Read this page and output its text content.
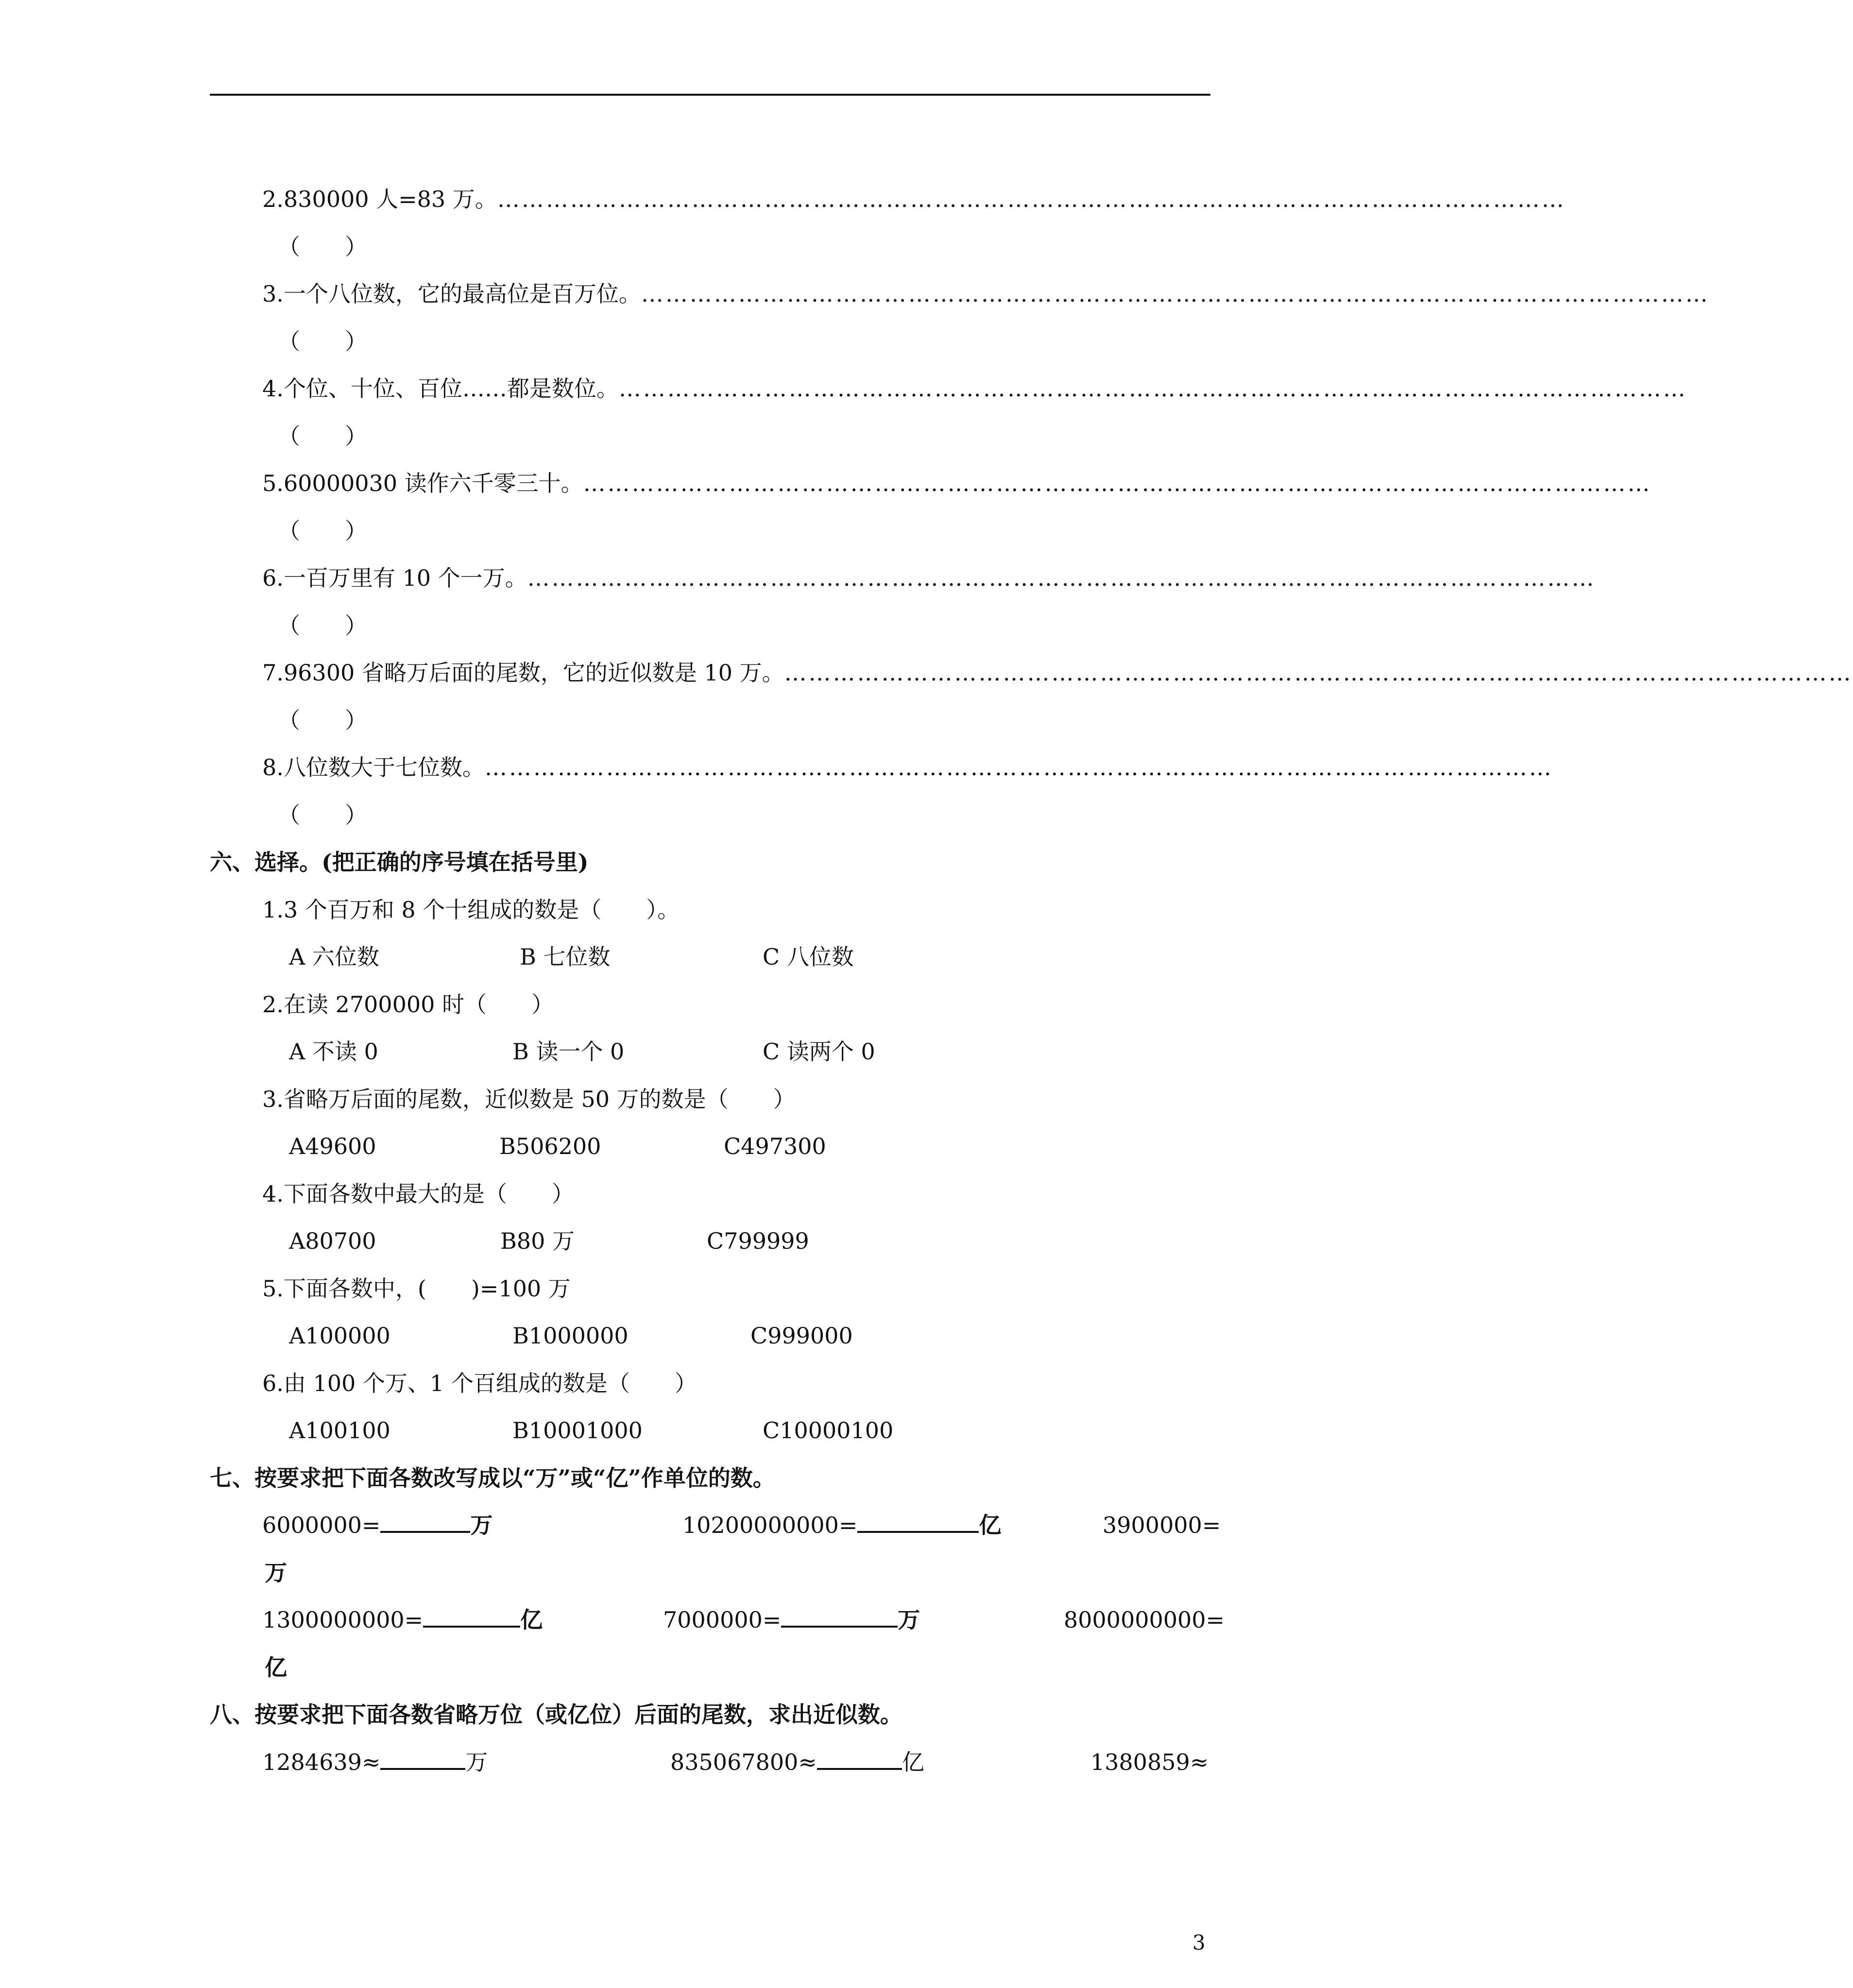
2.830000 人=83 万。……………………………………………………………………………………………………………………
（　　）
3.一个八位数，它的最高位是百万位。……………………………………………………………………………………………………………………
（　　）
4.个位、十位、百位……都是数位。……………………………………………………………………………………………………………………
（　　）
5.60000030 读作六千零三十。……………………………………………………………………………………………………………………
（　　）
6.一百万里有 10 个一万。……………………………………………………………………………………………………………………
（　　）
7.96300 省略万后面的尾数，它的近似数是 10 万。……………………………………………………………………………………………………………………
（　　）
8.八位数大于七位数。……………………………………………………………………………………………………………………
（　　）
六、选择。(把正确的序号填在括号里)
1.3 个百万和 8 个十组成的数是（　　）。
A 六位数	B 七位数	C 八位数
2.在读 2700000 时（　　）
A 不读 0	B 读一个 0	C 读两个 0
3.省略万后面的尾数，近似数是 50 万的数是（　　）
A49600	B506200	C497300
4.下面各数中最大的是（　　）
A80700	B80 万	C799999
5.下面各数中，(　　)=100 万
A100000	B1000000	C999000
6.由 100 个万、1 个百组成的数是（　　）
A100100	B10001000	C10000100
七、按要求把下面各数改写成以“万”或“亿”作单位的数。
6000000=	万	10200000000=	亿	3900000=
万
1300000000=	亿	7000000=	万	8000000000=
亿
八、按要求把下面各数省略万位（或亿位）后面的尾数，求出近似数。
1284639≈	万	835067800≈	亿	1380859≈
3
